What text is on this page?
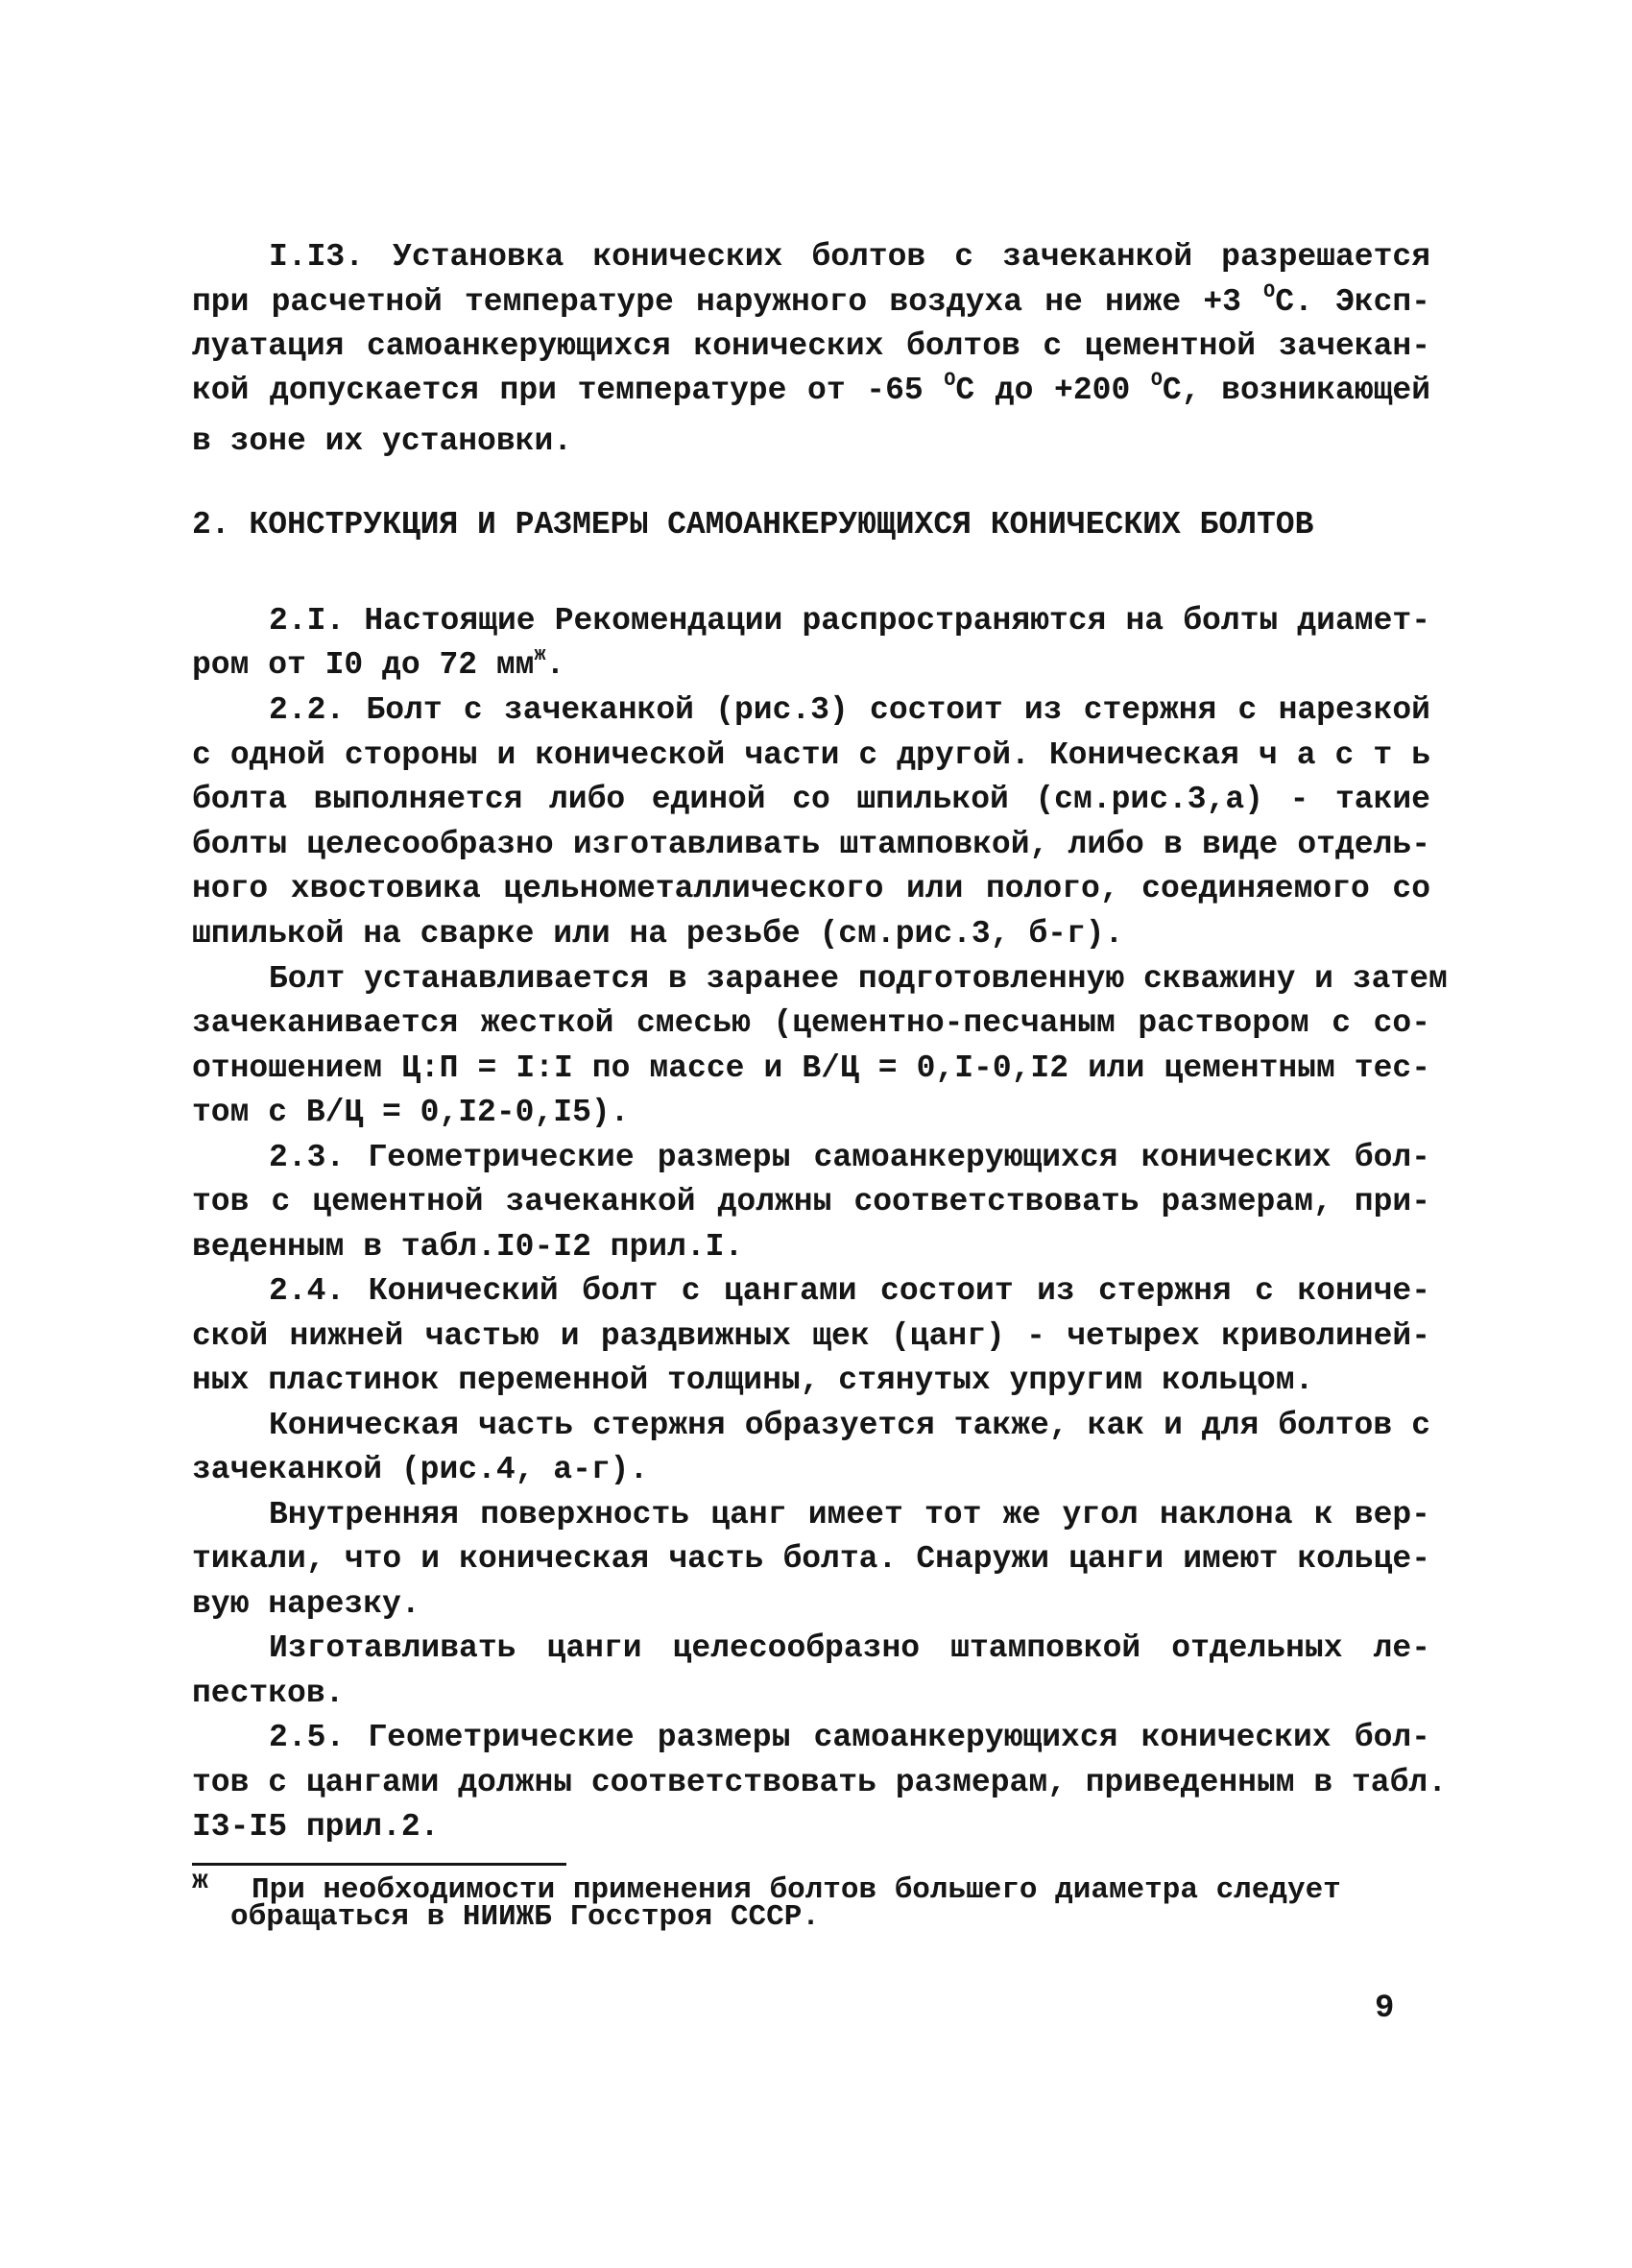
I.I3. Установка конических болтов с зачеканкой разрешается
при расчетной температуре наружного воздуха не ниже +3 $^O$C. Эксп-
луатация самоанкерующихся конических болтов с цементной зачекан-
кой допускается при температуре от -65 $^O$C до +200 $^O$C, возникающей
в зоне их установки.
2. КОНСТРУКЦИЯ И РАЗМЕРЫ САМОАНКЕРУЮЩИХСЯ КОНИЧЕСКИХ БОЛТОВ
2.I. Настоящие Рекомендации распространяются на болты диамет-
ром от I0 до 72 $мм^ж$.
2.2. Болт с зачеканкой (рис.3) состоит из стержня с нарезкой
с одной стороны и конической части с другой. Коническая ч а с т ь
болта выполняется либо единой со шпилькой (см.рис.3,а) - такие
болты целесообразно изготавливать штамповкой, либо в виде отдель-
ного хвостовика цельнометаллического или полого, соединяемого со
шпилькой на сварке или на резьбе (см.рис.3, б-г).
Болт устанавливается в заранее подготовленную скважину и затем
зачеканивается жесткой смесью (цементно-песчаным раствором с со-
отношением Ц:П = I:I по массе и В/Ц = 0,I-0,I2 или цементным тес-
том с В/Ц = 0,I2-0,I5).
2.3. Геометрические размеры самоанкерующихся конических бол-
тов с цементной зачеканкой должны соответствовать размерам, при-
веденным в табл.I0-I2 прил.I.
2.4. Конический болт с цангами состоит из стержня с кониче-
ской нижней частью и раздвижных щек (цанг) - четырех криволиней-
ных пластинок переменной толщины, стянутых упругим кольцом.
Коническая часть стержня образуется также, как и для болтов с
зачеканкой (рис.4, а-г).
Внутренняя поверхность цанг имеет тот же угол наклона к вер-
тикали, что и коническая часть болта. Снаружи цанги имеют кольце-
вую нарезку.
Изготавливать цанги целесообразно штамповкой отдельных ле-
пестков.
2.5. Геометрические размеры самоанкерующихся конических бол-
тов с цангами должны соответствовать размерам, приведенным в табл.
I3-I5 прил.2.
ж При необходимости применения болтов большего диаметра следует
обращаться в НИИЖБ Госстроя СССР.
9
